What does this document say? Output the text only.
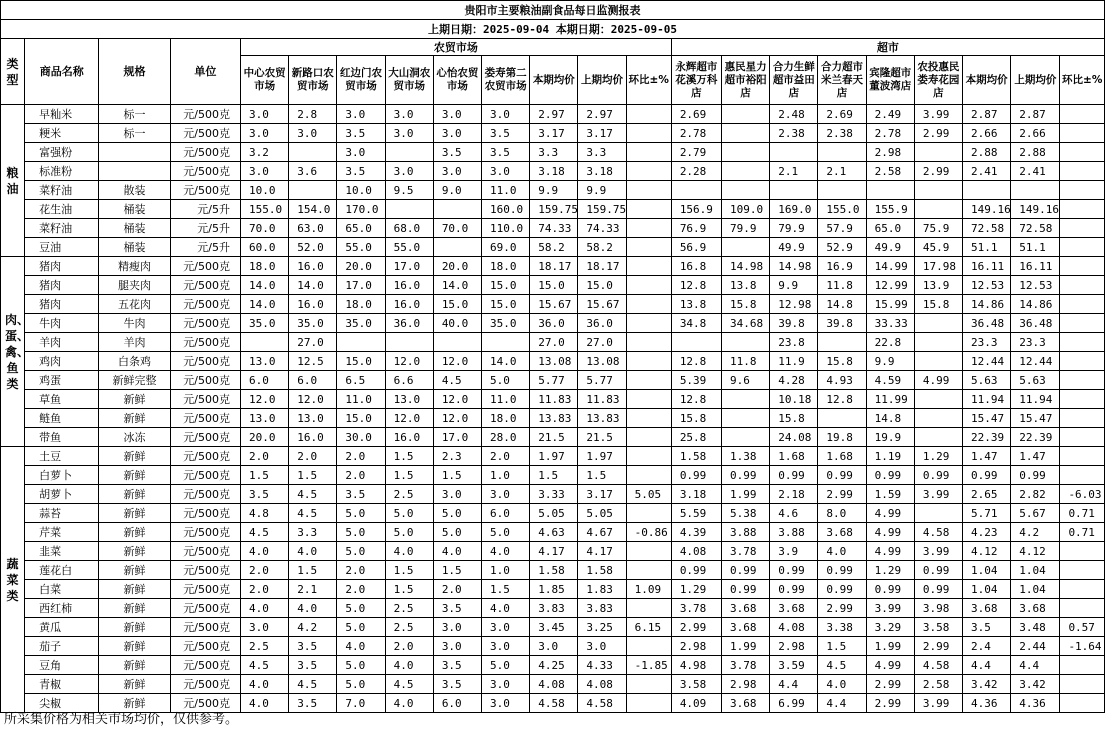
贵阳市主要粮油副食品每日监测报表																					
上期日期：2025-09-04 本期日期：2025-09-05																					
类型	商品名称	规格	单位	农贸市场									超市								
				中心农贸市场	新路口农贸市场	红边门农贸市场	大山洞农贸市场	心怡农贸市场	娄寿第二农贸市场	本期均价	上期均价	环比±%	永辉超市花溪万科店	惠民星力超市裕阳店	合力生鲜超市益田店	合力超市米兰春天店	宾隆超市董波湾店	农投惠民娄寿花园店	本期均价	上期均价	环比±%
粮油	早籼米	标一	元/500克	3.0	2.8	3.0	3.0	3.0	3.0	2.97	2.97		2.69		2.48	2.69	2.49	3.99	2.87	2.87	
	粳米	标一	元/500克	3.0	3.0	3.5	3.0	3.0	3.5	3.17	3.17		2.78		2.38	2.38	2.78	2.99	2.66	2.66	
	富强粉		元/500克	3.2		3.0		3.5	3.5	3.3	3.3		2.79				2.98		2.88	2.88	
	标准粉		元/500克	3.0	3.6	3.5	3.0	3.0	3.0	3.18	3.18		2.28		2.1	2.1	2.58	2.99	2.41	2.41	
	菜籽油	散装	元/500克	10.0		10.0	9.5	9.0	11.0	9.9	9.9										
	花生油	桶装	元/5升	155.0	154.0	170.0			160.0	159.75	159.75		156.9	109.0	169.0	155.0	155.9		149.16	149.16	
	菜籽油	桶装	元/5升	70.0	63.0	65.0	68.0	70.0	110.0	74.33	74.33		76.9	79.9	79.9	57.9	65.0	75.9	72.58	72.58	
	豆油	桶装	元/5升	60.0	52.0	55.0	55.0		69.0	58.2	58.2		56.9		49.9	52.9	49.9	45.9	51.1	51.1	
肉、蛋、禽、鱼类	猪肉	精瘦肉	元/500克	18.0	16.0	20.0	17.0	20.0	18.0	18.17	18.17		16.8	14.98	14.98	16.9	14.99	17.98	16.11	16.11	
	猪肉	腿夹肉	元/500克	14.0	14.0	17.0	16.0	14.0	15.0	15.0	15.0		12.8	13.8	9.9	11.8	12.99	13.9	12.53	12.53	
	猪肉	五花肉	元/500克	14.0	16.0	18.0	16.0	15.0	15.0	15.67	15.67		13.8	15.8	12.98	14.8	15.99	15.8	14.86	14.86	
	牛肉	牛肉	元/500克	35.0	35.0	35.0	36.0	40.0	35.0	36.0	36.0		34.8	34.68	39.8	39.8	33.33		36.48	36.48	
	羊肉	羊肉	元/500克		27.0					27.0	27.0				23.8		22.8		23.3	23.3	
	鸡肉	白条鸡	元/500克	13.0	12.5	15.0	12.0	12.0	14.0	13.08	13.08		12.8	11.8	11.9	15.8	9.9		12.44	12.44	
	鸡蛋	新鲜完整	元/500克	6.0	6.0	6.5	6.6	4.5	5.0	5.77	5.77		5.39	9.6	4.28	4.93	4.59	4.99	5.63	5.63	
	草鱼	新鲜	元/500克	12.0	12.0	11.0	13.0	12.0	11.0	11.83	11.83		12.8		10.18	12.8	11.99		11.94	11.94	
	鲢鱼	新鲜	元/500克	13.0	13.0	15.0	12.0	12.0	18.0	13.83	13.83		15.8		15.8		14.8		15.47	15.47	
	带鱼	冰冻	元/500克	20.0	16.0	30.0	16.0	17.0	28.0	21.5	21.5		25.8		24.08	19.8	19.9		22.39	22.39	
蔬菜类	土豆	新鲜	元/500克	2.0	2.0	2.0	1.5	2.3	2.0	1.97	1.97		1.58	1.38	1.68	1.68	1.19	1.29	1.47	1.47	
	白萝卜	新鲜	元/500克	1.5	1.5	2.0	1.5	1.5	1.0	1.5	1.5		0.99	0.99	0.99	0.99	0.99	0.99	0.99	0.99	
	胡萝卜	新鲜	元/500克	3.5	4.5	3.5	2.5	3.0	3.0	3.33	3.17	5.05	3.18	1.99	2.18	2.99	1.59	3.99	2.65	2.82	-6.03
	蒜苔	新鲜	元/500克	4.8	4.5	5.0	5.0	5.0	6.0	5.05	5.05		5.59	5.38	4.6	8.0	4.99		5.71	5.67	0.71
	芹菜	新鲜	元/500克	4.5	3.3	5.0	5.0	5.0	5.0	4.63	4.67	-0.86	4.39	3.88	3.88	3.68	4.99	4.58	4.23	4.2	0.71
	韭菜	新鲜	元/500克	4.0	4.0	5.0	4.0	4.0	4.0	4.17	4.17		4.08	3.78	3.9	4.0	4.99	3.99	4.12	4.12	
	莲花白	新鲜	元/500克	2.0	1.5	2.0	1.5	1.5	1.0	1.58	1.58		0.99	0.99	0.99	0.99	1.29	0.99	1.04	1.04	
	白菜	新鲜	元/500克	2.0	2.1	2.0	1.5	2.0	1.5	1.85	1.83	1.09	1.29	0.99	0.99	0.99	0.99	0.99	1.04	1.04	
	西红柿	新鲜	元/500克	4.0	4.0	5.0	2.5	3.5	4.0	3.83	3.83		3.78	3.68	3.68	2.99	3.99	3.98	3.68	3.68	
	黄瓜	新鲜	元/500克	3.0	4.2	5.0	2.5	3.0	3.0	3.45	3.25	6.15	2.99	3.68	4.08	3.38	3.29	3.58	3.5	3.48	0.57
	茄子	新鲜	元/500克	2.5	3.5	4.0	2.0	3.0	3.0	3.0	3.0		2.98	1.99	2.98	1.5	1.99	2.99	2.4	2.44	-1.64
	豆角	新鲜	元/500克	4.5	3.5	5.0	4.0	3.5	5.0	4.25	4.33	-1.85	4.98	3.78	3.59	4.5	4.99	4.58	4.4	4.4	
	青椒	新鲜	元/500克	4.0	4.5	5.0	4.5	3.5	3.0	4.08	4.08		3.58	2.98	4.4	4.0	2.99	2.58	3.42	3.42	
	尖椒	新鲜	元/500克	4.0	3.5	7.0	4.0	6.0	3.0	4.58	4.58		4.09	3.68	6.99	4.4	2.99	3.99	4.36	4.36	
所采集价格为相关市场均价，仅供参考。
